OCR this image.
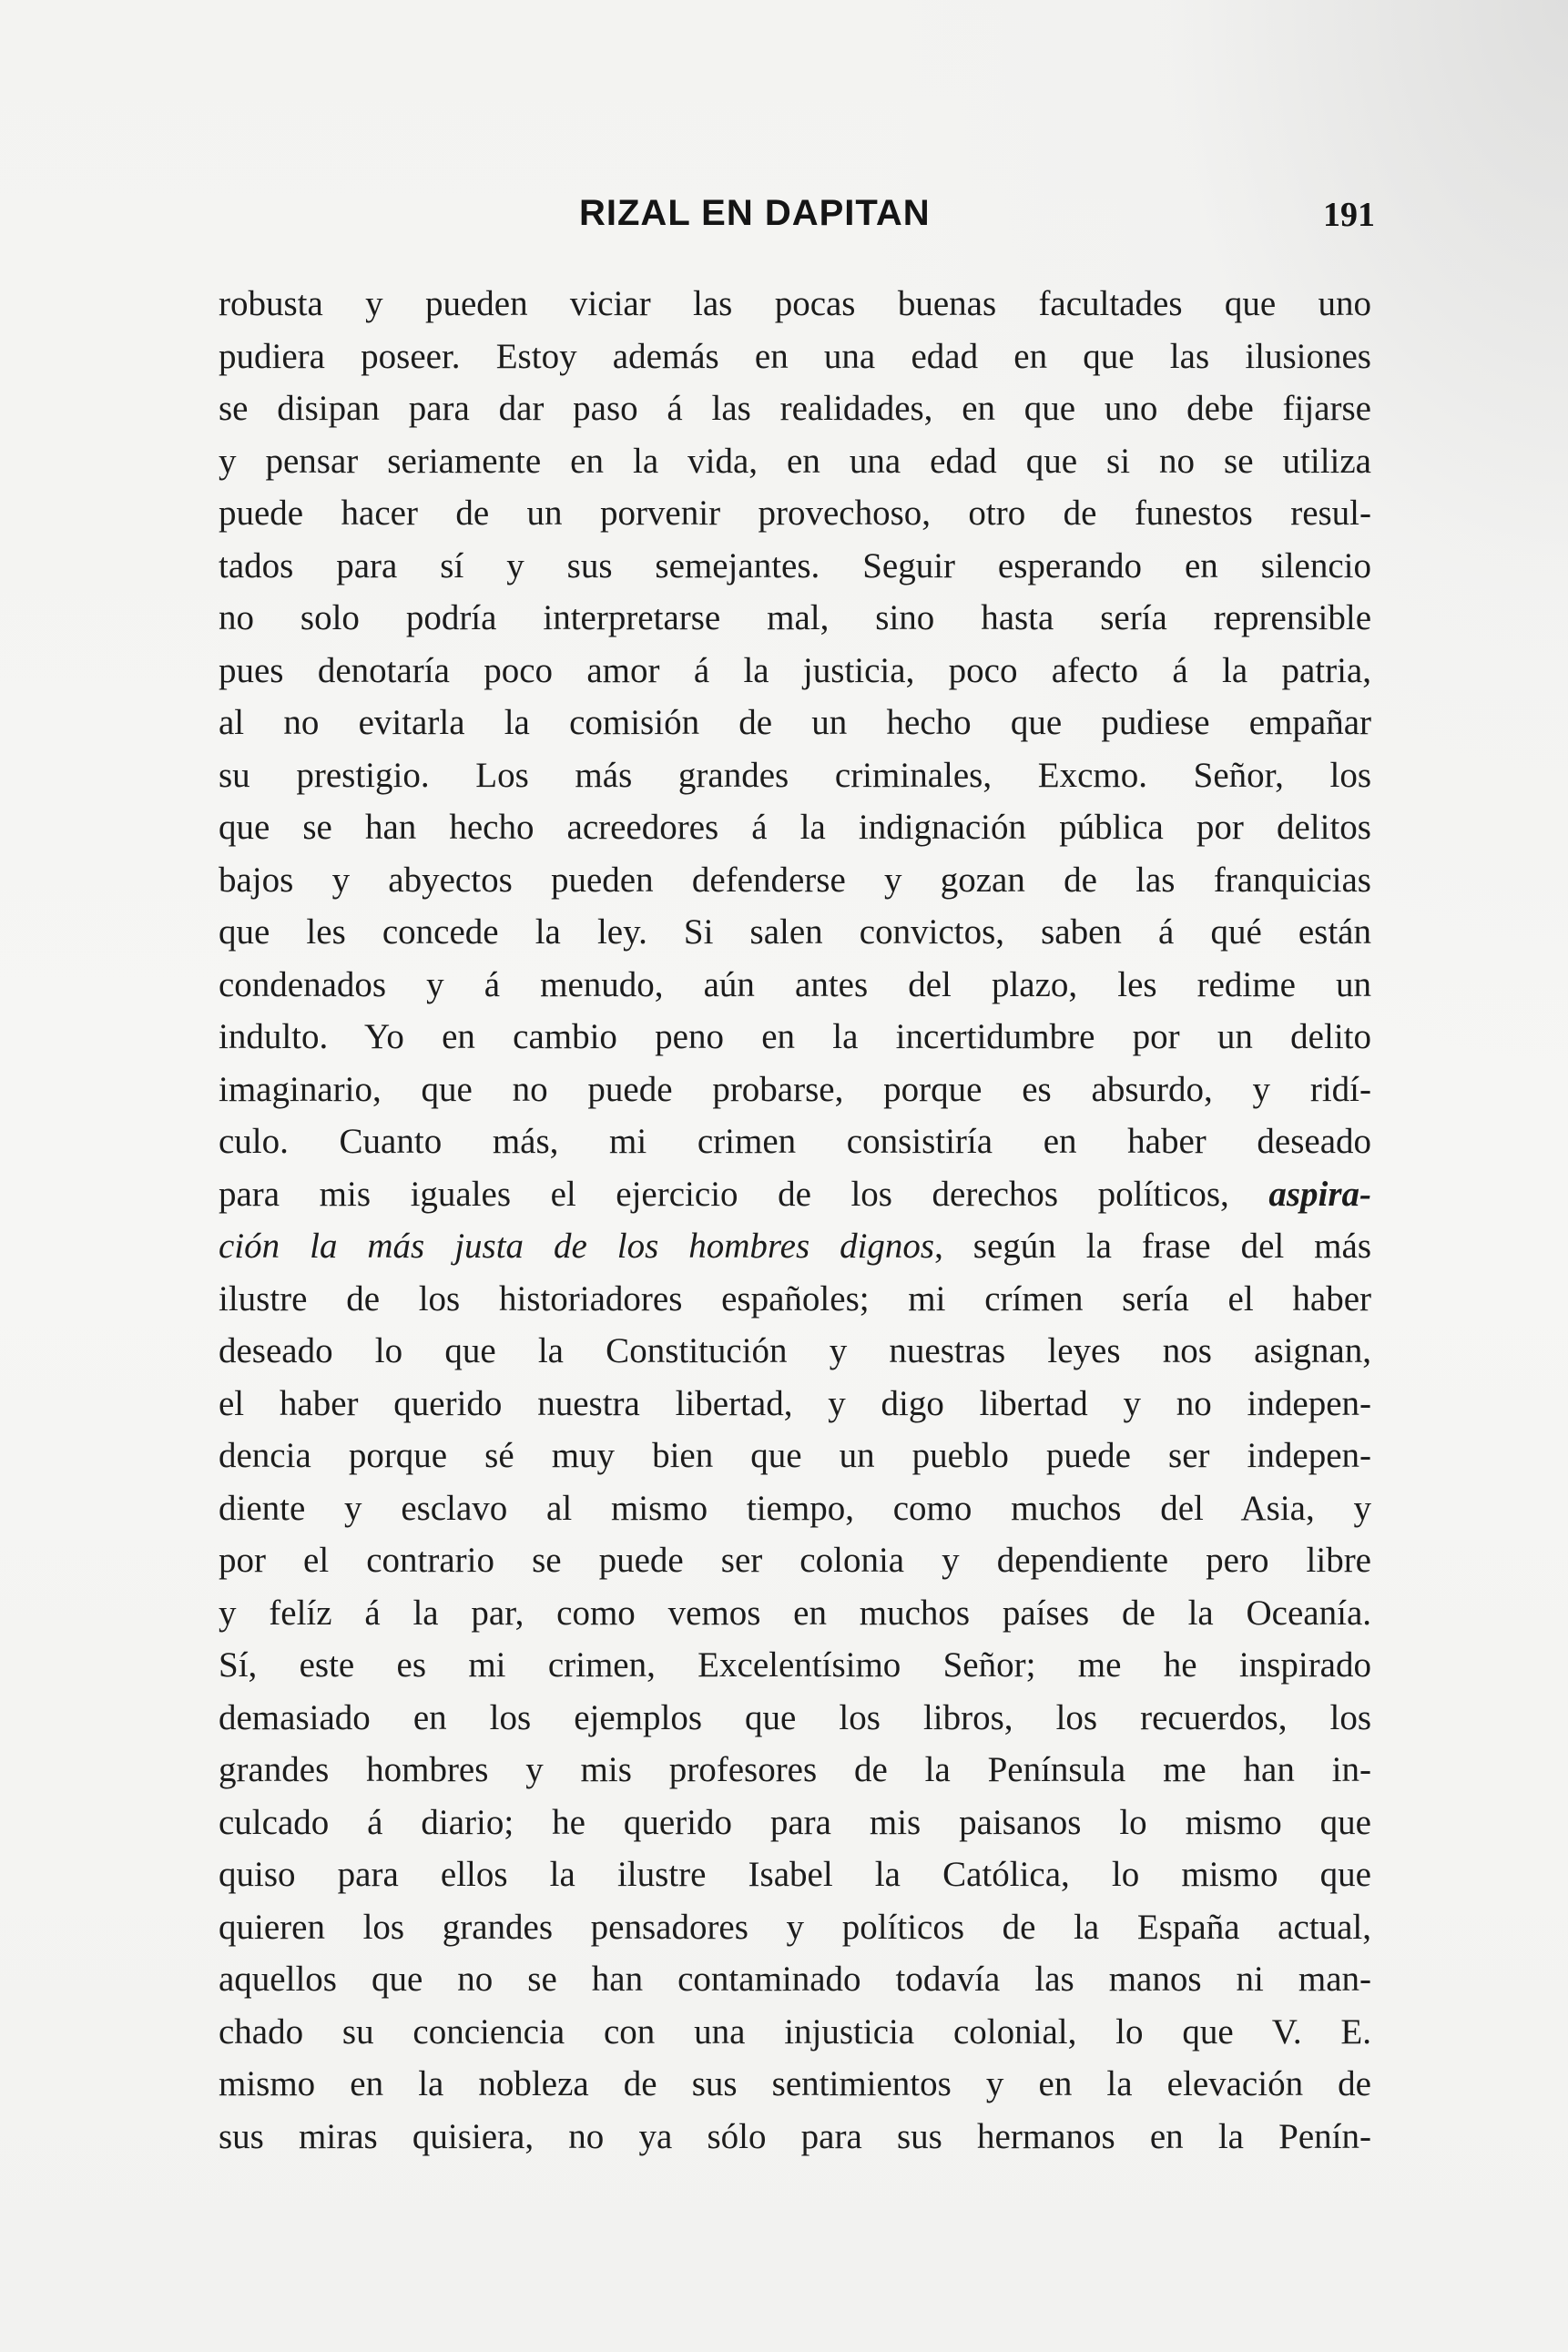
RIZAL EN DAPITAN	191
robusta y pueden viciar las pocas buenas facultades que uno
pudiera poseer. Estoy además en una edad en que las ilusiones
se disipan para dar paso á las realidades, en que uno debe fijarse
y pensar seriamente en la vida, en una edad que si no se utiliza
puede hacer de un porvenir provechoso, otro de funestos resul-
tados para sí y sus semejantes. Seguir esperando en silencio
no solo podría interpretarse mal, sino hasta sería reprensible
pues denotaría poco amor á la justicia, poco afecto á la patria,
al no evitarla la comisión de un hecho que pudiese empañar
su prestigio. Los más grandes criminales, Excmo. Señor, los
que se han hecho acreedores á la indignación pública por delitos
bajos y abyectos pueden defenderse y gozan de las franquicias
que les concede la ley. Si salen convictos, saben á qué están
condenados y á menudo, aún antes del plazo, les redime un
indulto. Yo en cambio peno en la incertidumbre por un delito
imaginario, que no puede probarse, porque es absurdo, y ridí-
culo. Cuanto más, mi crimen consistiría en haber deseado
para mis iguales el ejercicio de los derechos políticos, aspira-
ción la más justa de los hombres dignos, según la frase del más
ilustre de los historiadores españoles; mi crímen sería el haber
deseado lo que la Constitución y nuestras leyes nos asignan,
el haber querido nuestra libertad, y digo libertad y no indepen-
dencia porque sé muy bien que un pueblo puede ser indepen-
diente y esclavo al mismo tiempo, como muchos del Asia, y
por el contrario se puede ser colonia y dependiente pero libre
y felíz á la par, como vemos en muchos países de la Oceanía.
Sí, este es mi crimen, Excelentísimo Señor; me he inspirado
demasiado en los ejemplos que los libros, los recuerdos, los
grandes hombres y mis profesores de la Península me han in-
culcado á diario; he querido para mis paisanos lo mismo que
quiso para ellos la ilustre Isabel la Católica, lo mismo que
quieren los grandes pensadores y políticos de la España actual,
aquellos que no se han contaminado todavía las manos ni man-
chado su conciencia con una injusticia colonial, lo que V. E.
mismo en la nobleza de sus sentimientos y en la elevación de
sus miras quisiera, no ya sólo para sus hermanos en la Penín-
